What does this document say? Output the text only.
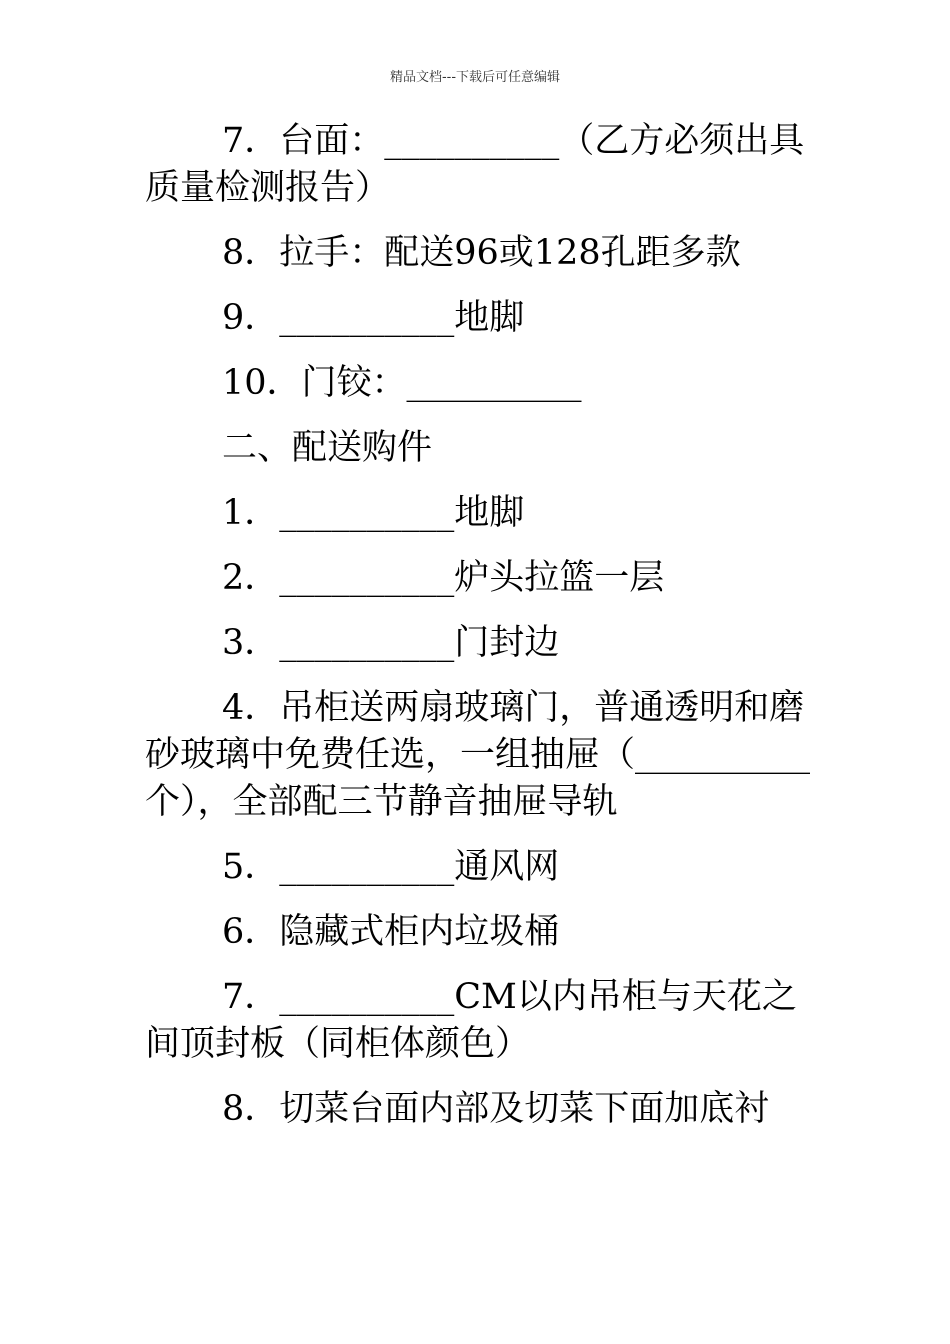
精品文档---下载后可任意编辑

7．台面：__________（乙方必须出具质量检测报告）

8．拉手：配送96或128孔距多款

9．__________地脚

10．门铰：__________

二、配送购件

1．__________地脚

2．__________炉头拉篮一层

3．__________门封边

4．吊柜送两扇玻璃门，普通透明和磨砂玻璃中免费任选，一组抽屉（__________个），全部配三节静音抽屉导轨

5．__________通风网

6．隐藏式柜内垃圾桶

7．__________CM以内吊柜与天花之间顶封板（同柜体颜色）

8．切菜台面内部及切菜下面加底衬
